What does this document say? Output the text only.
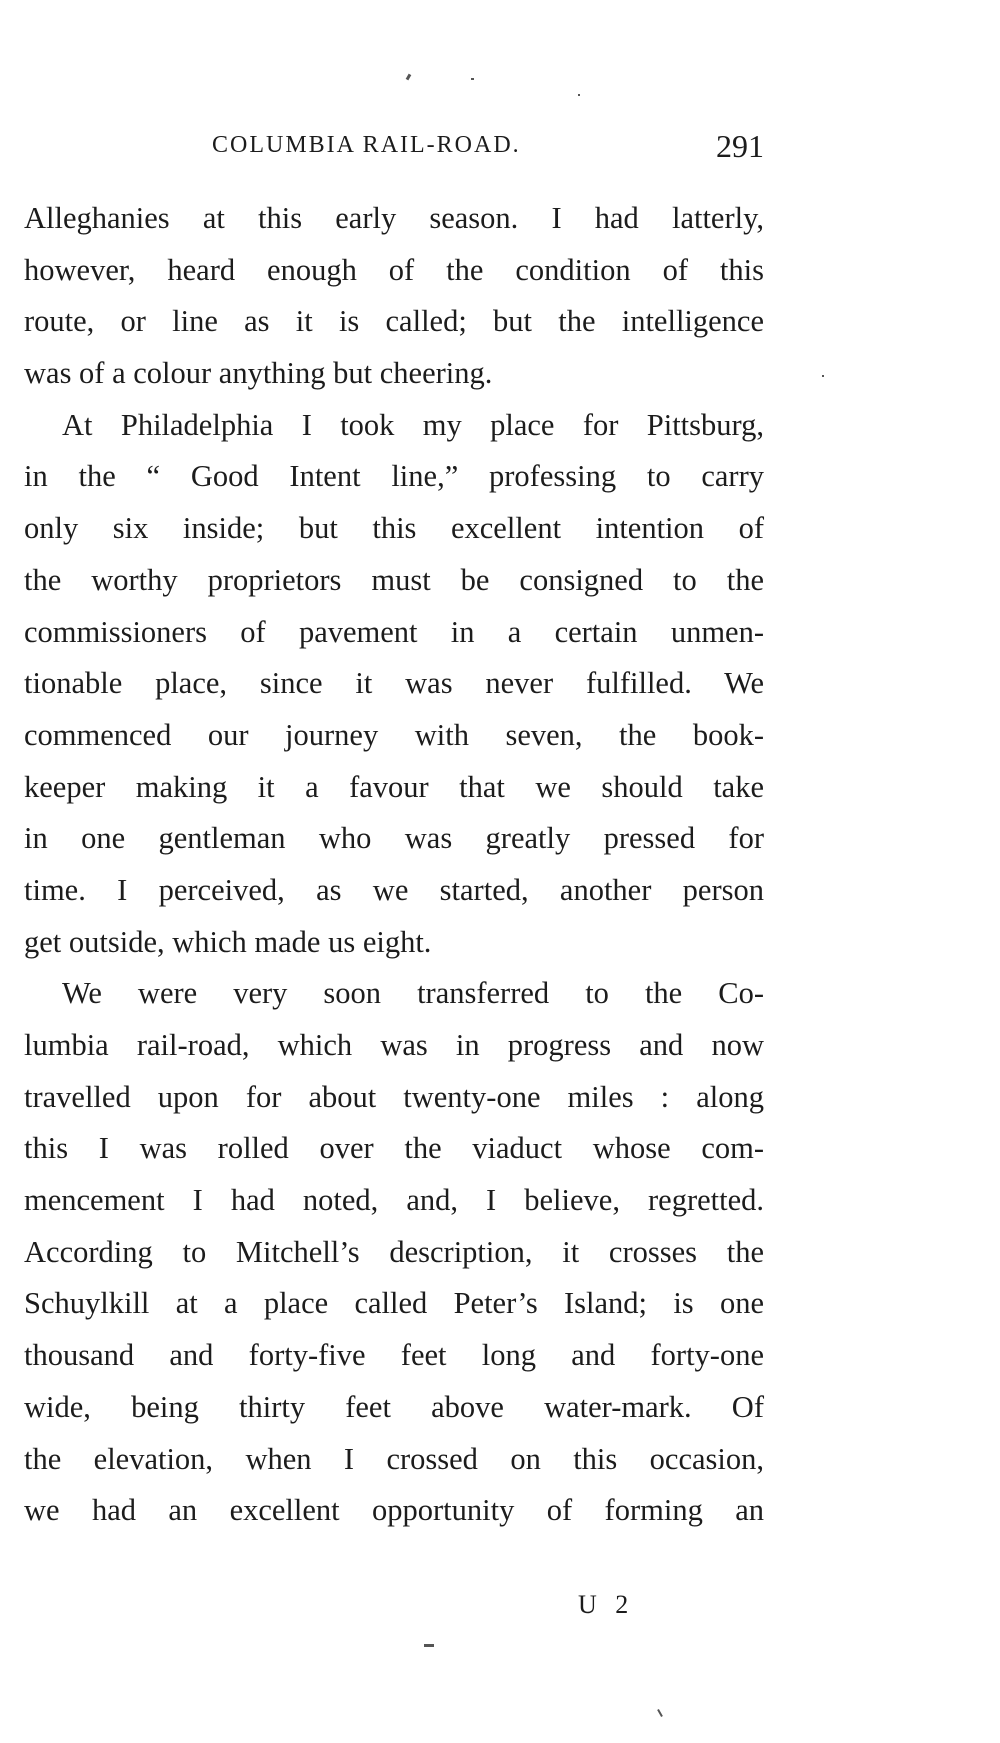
COLUMBIA RAIL-ROAD.	291
Alleghanies at this early season. I had latterly,
however, heard enough of the condition of this
route, or line as it is called; but the intelligence
was of a colour anything but cheering.
At Philadelphia I took my place for Pittsburg,
in the “ Good Intent line,” professing to carry
only six inside; but this excellent intention of
the worthy proprietors must be consigned to the
commissioners of pavement in a certain unmen-
tionable place, since it was never fulfilled. We
commenced our journey with seven, the book-
keeper making it a favour that we should take
in one gentleman who was greatly pressed for
time. I perceived, as we started, another person
get outside, which made us eight.
We were very soon transferred to the Co-
lumbia rail-road, which was in progress and now
travelled upon for about twenty-one miles : along
this I was rolled over the viaduct whose com-
mencement I had noted, and, I believe, regretted.
According to Mitchell’s description, it crosses the
Schuylkill at a place called Peter’s Island; is one
thousand and forty-five feet long and forty-one
wide, being thirty feet above water-mark. Of
the elevation, when I crossed on this occasion,
we had an excellent opportunity of forming an
U 2
